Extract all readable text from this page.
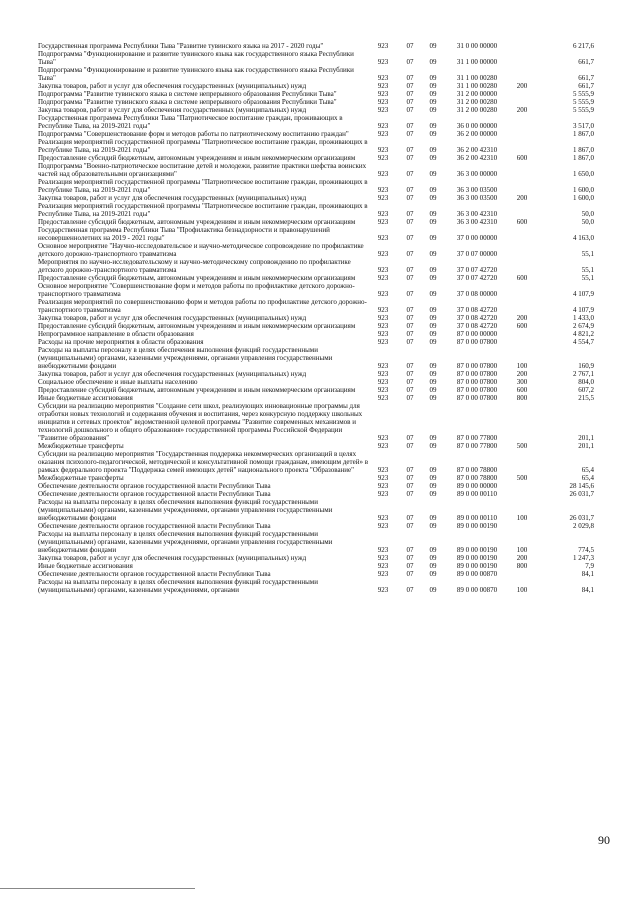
Государственная программа Республики Тыва "Развитие тувинского языка на 2017 - 2020 годы"	923	07	09	31 0 00 00000		6 217,6
Подпрограмма "Функционирование и развитие тувинского языка как государственного языка Республики Тыва"	923	07	09	31 1 00 00000		661,7
Подпрограмма "Функционирование и развитие тувинского языка как государственного языка Республики Тыва"	923	07	09	31 1 00 00280		661,7
Закупка товаров, работ и услуг для обеспечения государственных (муниципальных) нужд	923	07	09	31 1 00 00280	200	661,7
Подпрограмма "Развитие тувинского языка в системе непрерывного образования Республики Тыва"	923	07	09	31 2 00 00000		5 555,9
Подпрограмма "Развитие тувинского языка в системе непрерывного образования Республики Тыва"	923	07	09	31 2 00 00280		5 555,9
Закупка товаров, работ и услуг для обеспечения государственных (муниципальных) нужд	923	07	09	31 2 00 00280	200	5 555,9
Государственная программа Республики Тыва "Патриотическое воспитание граждан, проживающих в Республике Тыва, на 2019-2021 годы"	923	07	09	36 0 00 00000		3 517,0
Подпрограмма "Совершенствование форм и методов работы по патриотическому воспитанию граждан"	923	07	09	36 2 00 00000		1 867,0
Реализация мероприятий государственной программы "Патриотическое воспитание граждан, проживающих в Республике Тыва, на 2019-2021 годы"	923	07	09	36 2 00 42310		1 867,0
Предоставление субсидий бюджетным, автономным учреждениям и иным некоммерческим организациям	923	07	09	36 2 00 42310	600	1 867,0
Подпрограмма "Военно-патриотическое воспитание детей и молодежи, развитие практики шефства воинских частей над образовательными организациями"	923	07	09	36 3 00 00000		1 650,0
Реализация мероприятий государственной программы "Патриотическое воспитание граждан, проживающих в Республике Тыва, на 2019-2021 годы"	923	07	09	36 3 00 03500		1 600,0
Закупка товаров, работ и услуг для обеспечения государственных (муниципальных) нужд	923	07	09	36 3 00 03500	200	1 600,0
Реализация мероприятий государственной программы "Патриотическое воспитание граждан, проживающих в Республике Тыва, на 2019-2021 годы"	923	07	09	36 3 00 42310		50,0
Предоставление субсидий бюджетным, автономным учреждениям и иным некоммерческим организациям	923	07	09	36 3 00 42310	600	50,0
Государственная программа Республики Тыва "Профилактика безнадзорности и правонарушений несовершеннолетних на 2019 - 2021 годы"	923	07	09	37 0 00 00000		4 163,0
Основное мероприятие "Научно-исследовательское и научно-методическое сопровождение по профилактике детского дорожно-транспортного травматизма	923	07	09	37 0 07 00000		55,1
Мероприятия по научно-исследовательскому и научно-методическому сопровождению по профилактике детского дорожно-транспортного травматизма	923	07	09	37 0 07 42720		55,1
Предоставление субсидий бюджетным, автономным учреждениям и иным некоммерческим организациям	923	07	09	37 0 07 42720	600	55,1
Основное мероприятие "Совершенствование форм и методов работы по профилактике детского дорожно-транспортного травматизма	923	07	09	37 0 08 00000		4 107,9
Реализация мероприятий по совершенствованию форм и методов работы по профилактике детского дорожно-транспортного травматизма	923	07	09	37 0 08 42720		4 107,9
Закупка товаров, работ и услуг для обеспечения государственных (муниципальных) нужд	923	07	09	37 0 08 42720	200	1 433,0
Предоставление субсидий бюджетным, автономным учреждениям и иным некоммерческим организациям	923	07	09	37 0 08 42720	600	2 674,9
Непрограммное направление в области образования	923	07	09	87 0 00 00000		4 821,2
Расходы на прочие мероприятия в области образования	923	07	09	87 0 00 07800		4 554,7
Расходы на выплаты персоналу в целях обеспечения выполнения функций государственными (муниципальными) органами, казенными учреждениями, органами управления государственными внебюджетными фондами	923	07	09	87 0 00 07800	100	160,9
Закупка товаров, работ и услуг для обеспечения государственных (муниципальных) нужд	923	07	09	87 0 00 07800	200	2 767,1
Социальное обеспечение и иные выплаты населению	923	07	09	87 0 00 07800	300	804,0
Предоставление субсидий бюджетным, автономным учреждениям и иным некоммерческим организациям	923	07	09	87 0 00 07800	600	607,2
Иные бюджетные ассигнования	923	07	09	87 0 00 07800	800	215,5
Субсидии на реализацию мероприятия "Создание сети школ, реализующих инновационные программы для отработки новых технологий и содержания обучения и воспитания, через конкурсную поддержку школьных инициатив и сетевых проектов" ведомственной целевой программы "Развитие современных механизмов и технологий дошкольного и общего образования» государственной программы Российской Федерации "Развитие образования"	923	07	09	87 0 00 77800		201,1
Межбюджетные трансферты	923	07	09	87 0 00 77800	500	201,1
Субсидии на реализацию мероприятия "Государственная поддержка некоммерческих организаций в целях оказания психолого-педагогической, методической и консультативной помощи гражданам, имеющим детей» в рамках федерального проекта "Поддержка семей имеющих детей" национального проекта "Образование"	923	07	09	87 0 00 78800		65,4
Межбюджетные трансферты	923	07	09	87 0 00 78800	500	65,4
Обеспечение деятельности органов государственной власти Республики Тыва	923	07	09	89 0 00 00000		28 145,6
Обеспечение деятельности органов государственной власти Республики Тыва	923	07	09	89 0 00 00110		26 031,7
Расходы на выплаты персоналу в целях обеспечения выполнения функций государственными (муниципальными) органами, казенными учреждениями, органами управления государственными внебюджетными фондами	923	07	09	89 0 00 00110	100	26 031,7
Обеспечение деятельности органов государственной власти Республики Тыва	923	07	09	89 0 00 00190		2 029,8
Расходы на выплаты персоналу в целях обеспечения выполнения функций государственными (муниципальными) органами, казенными учреждениями, органами управления государственными внебюджетными фондами	923	07	09	89 0 00 00190	100	774,5
Закупка товаров, работ и услуг для обеспечения государственных (муниципальных) нужд	923	07	09	89 0 00 00190	200	1 247,3
Иные бюджетные ассигнования	923	07	09	89 0 00 00190	800	7,9
Обеспечение деятельности органов государственной власти Республики Тыва	923	07	09	89 0 00 00870		84,1
Расходы на выплаты персоналу в целях обеспечения выполнения функций государственными (муниципальными) органами, казенными учреждениями, органами	923	07	09	89 0 00 00870	100	84,1
90
